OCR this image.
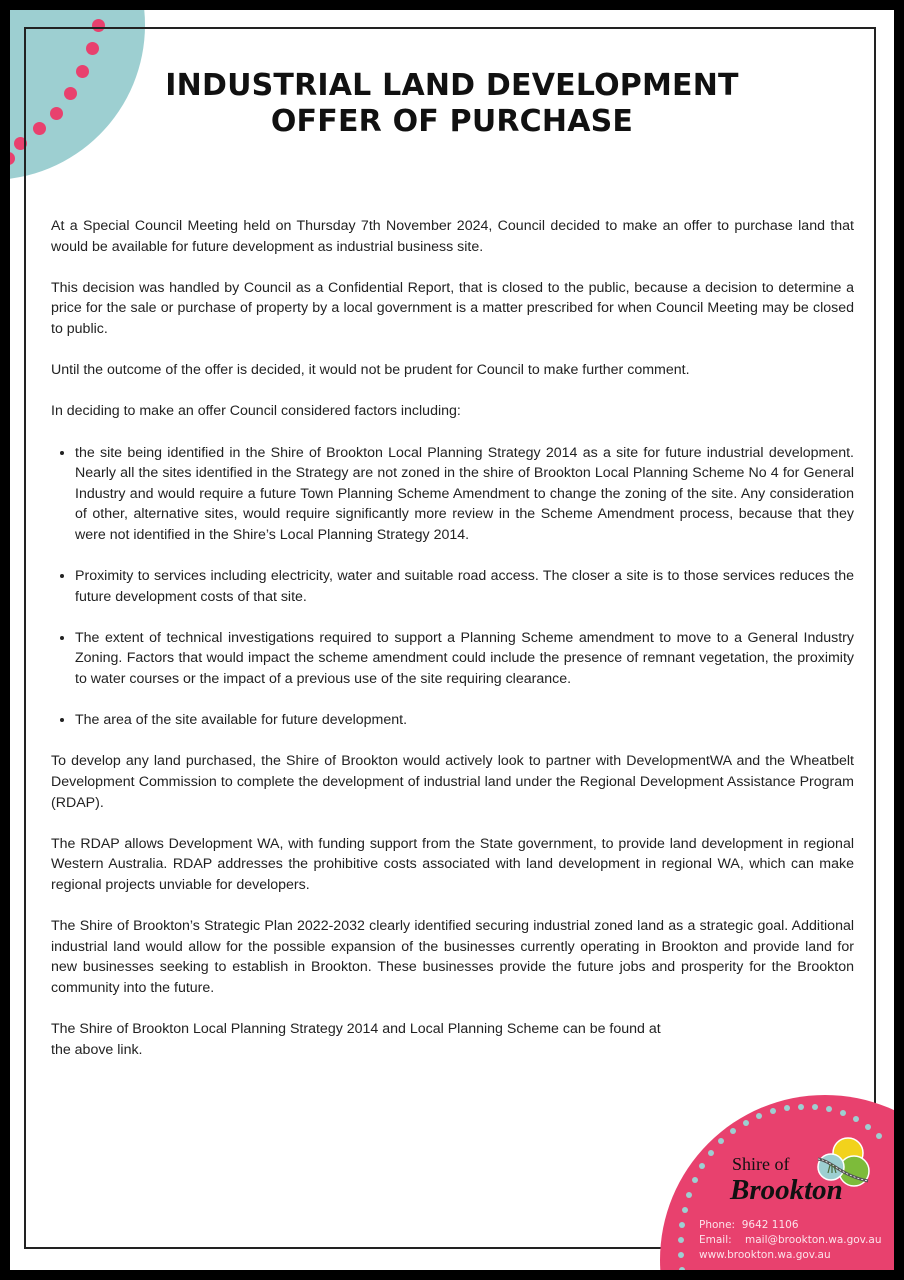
INDUSTRIAL LAND DEVELOPMENT
OFFER OF PURCHASE

At a Special Council Meeting held on Thursday 7th November 2024, Council decided to make an offer to purchase land that would be available for future development as industrial business site.

This decision was handled by Council as a Confidential Report, that is closed to the public, because a decision to determine a price for the sale or purchase of property by a local government is a matter prescribed for when Council Meeting may be closed to public.

Until the outcome of the offer is decided, it would not be prudent for Council to make further comment.

In deciding to make an offer Council considered factors including:

• the site being identified in the Shire of Brookton Local Planning Strategy 2014 as a site for future industrial development. Nearly all the sites identified in the Strategy are not zoned in the shire of Brookton Local Planning Scheme No 4 for General Industry and would require a future Town Planning Scheme Amendment to change the zoning of the site. Any consideration of other, alternative sites, would require significantly more review in the Scheme Amendment process, because that they were not identified in the Shire’s Local Planning Strategy 2014.
• Proximity to services including electricity, water and suitable road access. The closer a site is to those services reduces the future development costs of that site.
• The extent of technical investigations required to support a Planning Scheme amendment to move to a General Industry Zoning. Factors that would impact the scheme amendment could include the presence of remnant vegetation, the proximity to water courses or the impact of a previous use of the site requiring clearance.
• The area of the site available for future development.

To develop any land purchased, the Shire of Brookton would actively look to partner with DevelopmentWA and the Wheatbelt Development Commission to complete the development of industrial land under the Regional Development Assistance Program (RDAP).

The RDAP allows Development WA, with funding support from the State government, to provide land development in regional Western Australia. RDAP addresses the prohibitive costs associated with land development in regional WA, which can make regional projects unviable for developers.

The Shire of Brookton’s Strategic Plan 2022-2032 clearly identified securing industrial zoned land as a strategic goal. Additional industrial land would allow for the possible expansion of the businesses currently operating in Brookton and provide land for new businesses seeking to establish in Brookton. These businesses provide the future jobs and prosperity for the Brookton community into the future.

The Shire of Brookton Local Planning Strategy 2014 and Local Planning Scheme can be found at the above link.

Shire of
Brookton
Phone:  9642 1106
Email:    mail@brookton.wa.gov.au
www.brookton.wa.gov.au
